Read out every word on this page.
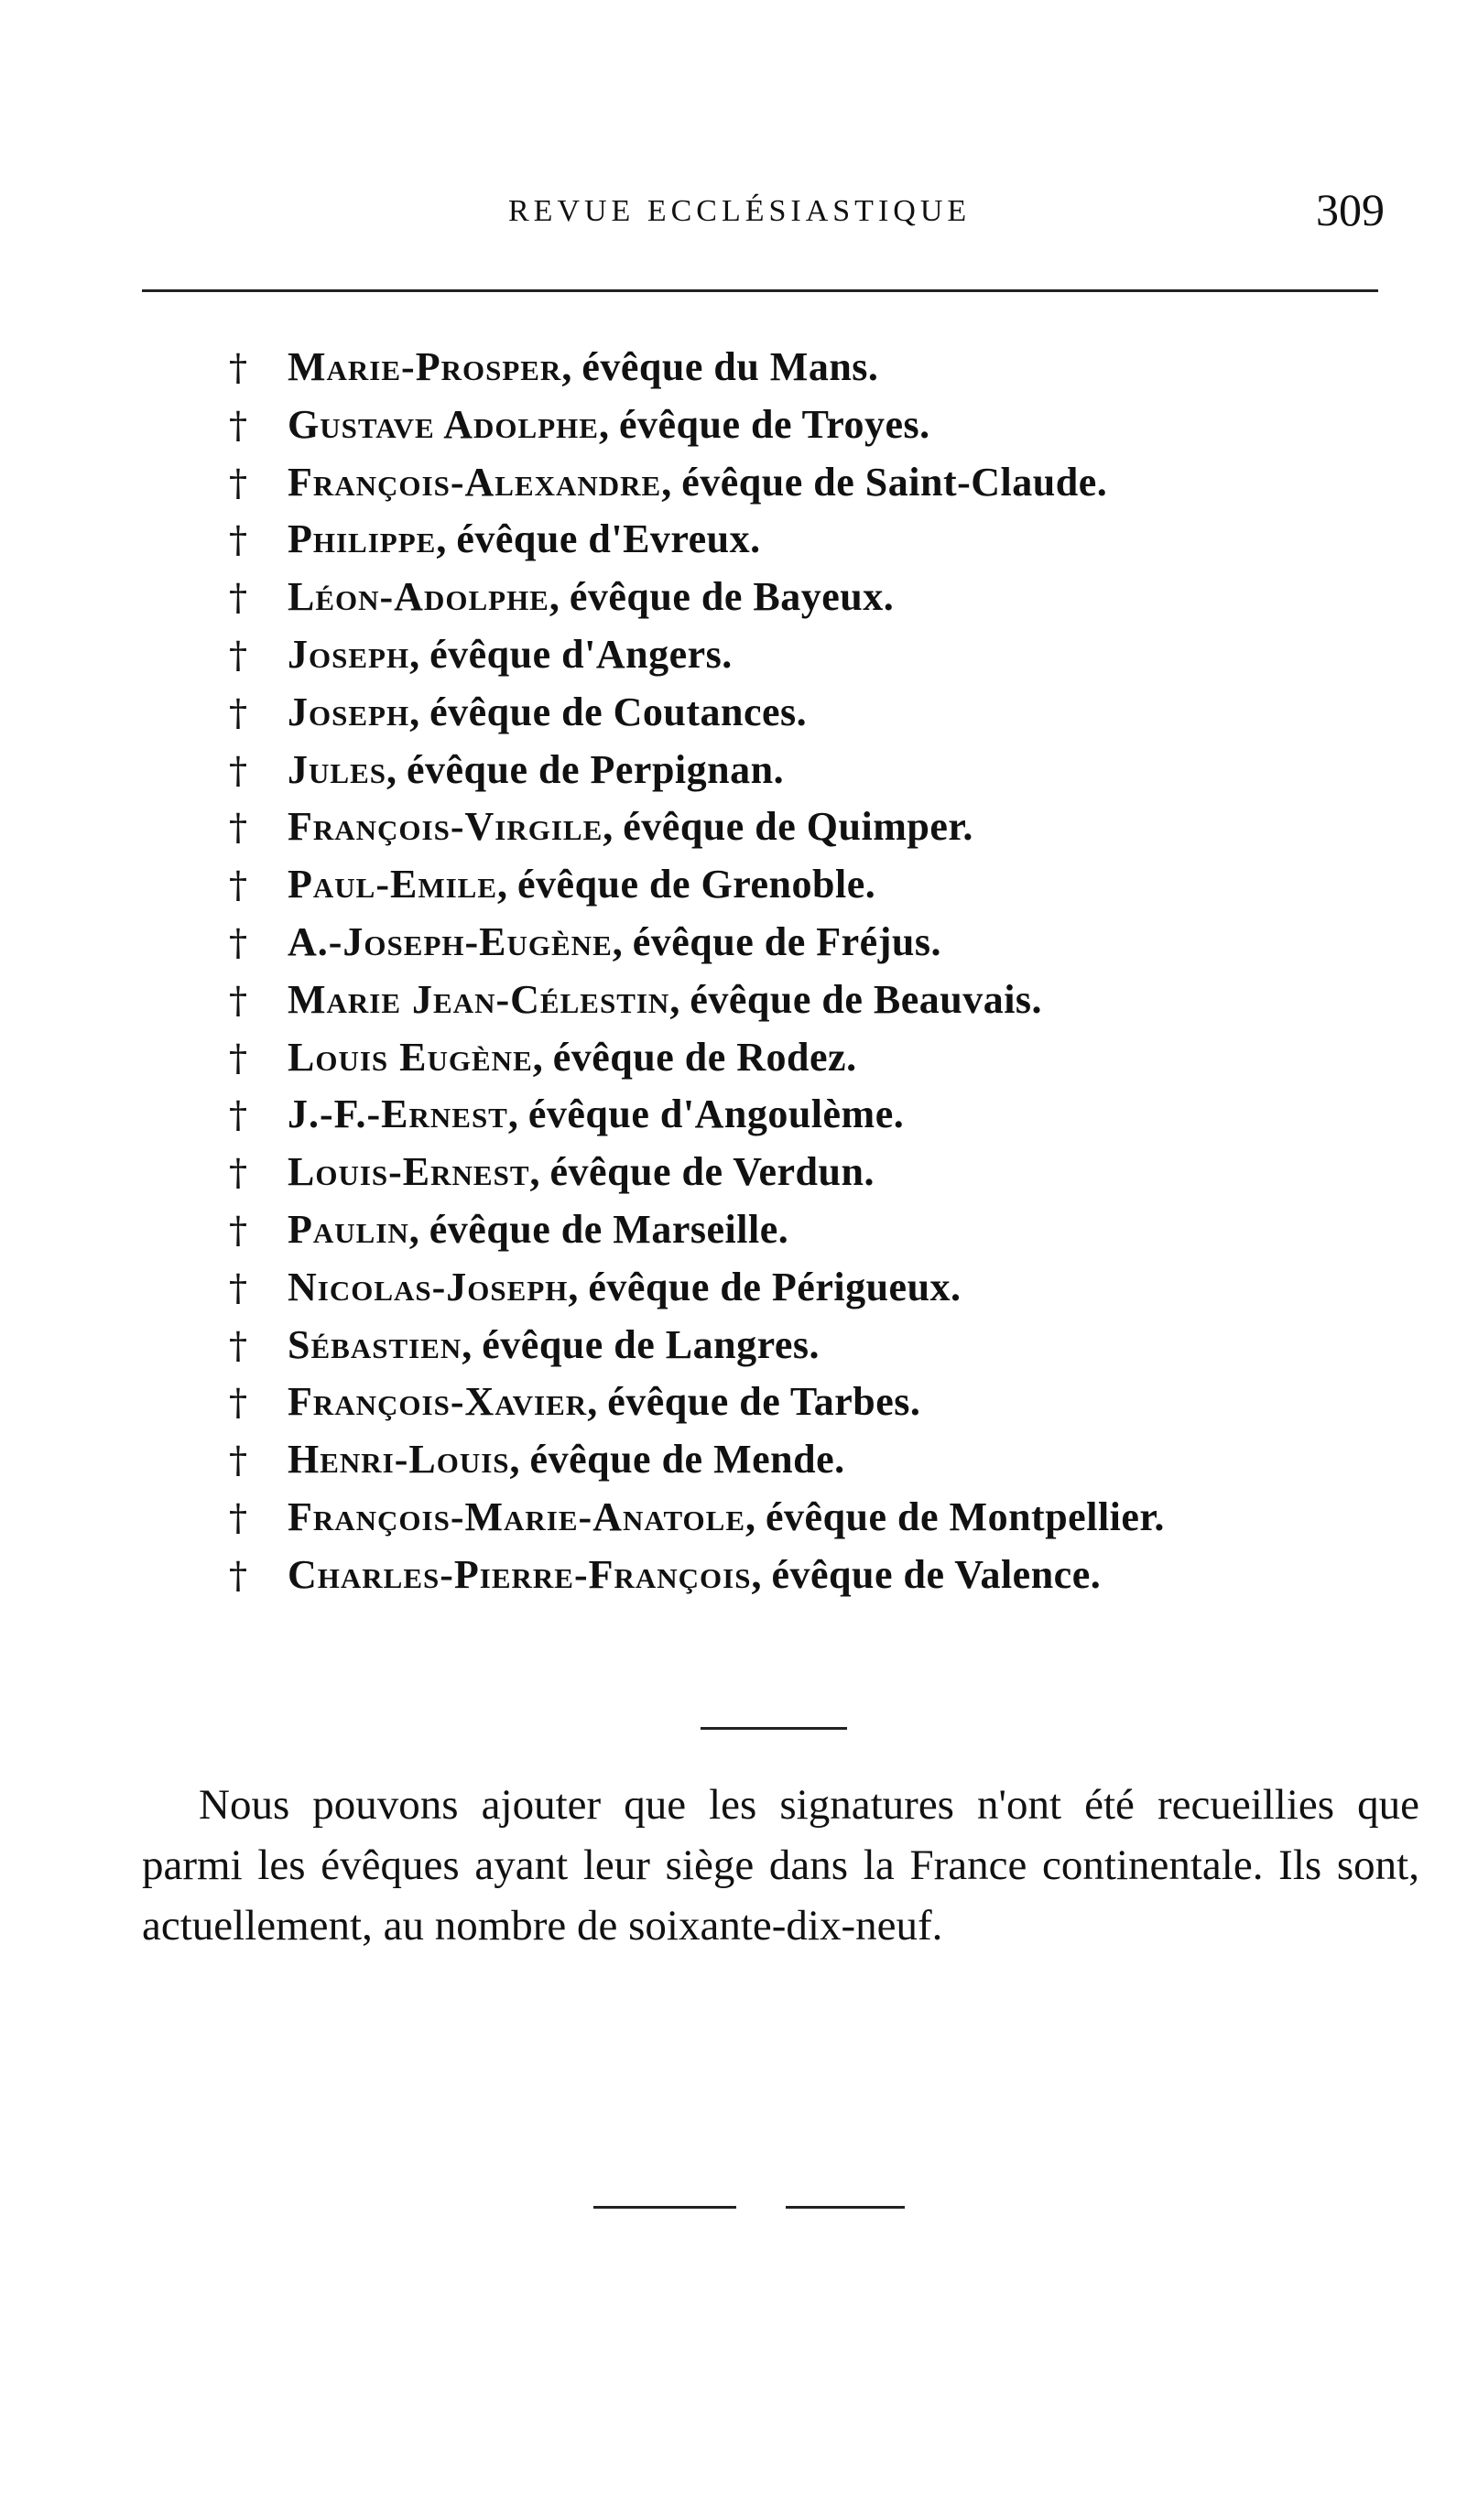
REVUE ECCLÉSIASTIQUE	309
†	Marie-Prosper , évêque du Mans.
†	Gustave Adolphe , évêque de Troyes.
†	François-Alexandre , évêque de Saint-Claude.
†	Philippe , évêque d'Evreux.
†	Léon-Adolphe , évêque de Bayeux.
†	Joseph , évêque d'Angers.
†	Joseph , évêque de Coutances.
†	Jules , évêque de Perpignan.
†	François-Virgile , évêque de Quimper.
†	Paul-Emile , évêque de Grenoble.
†	A.-Joseph-Eugène , évêque de Fréjus.
†	Marie Jean-Célestin , évêque de Beauvais.
†	Louis Eugène , évêque de Rodez.
†	J.-F.-Ernest , évêque d'Angoulème.
†	Louis-Ernest , évêque de Verdun.
†	Paulin , évêque de Marseille.
†	Nicolas-Joseph , évêque de Périgueux.
†	Sébastien , évêque de Langres.
†	François-Xavier , évêque de Tarbes.
†	Henri-Louis , évêque de Mende.
†	François-Marie-Anatole , évêque de Montpellier.
†	Charles-Pierre-François , évêque de Valence.

Nous pouvons ajouter que les signatures n'ont été recueillies que parmi les évêques ayant leur siège dans la France continentale. Ils sont, actuellement, au nombre de soixante-dix-neuf.
